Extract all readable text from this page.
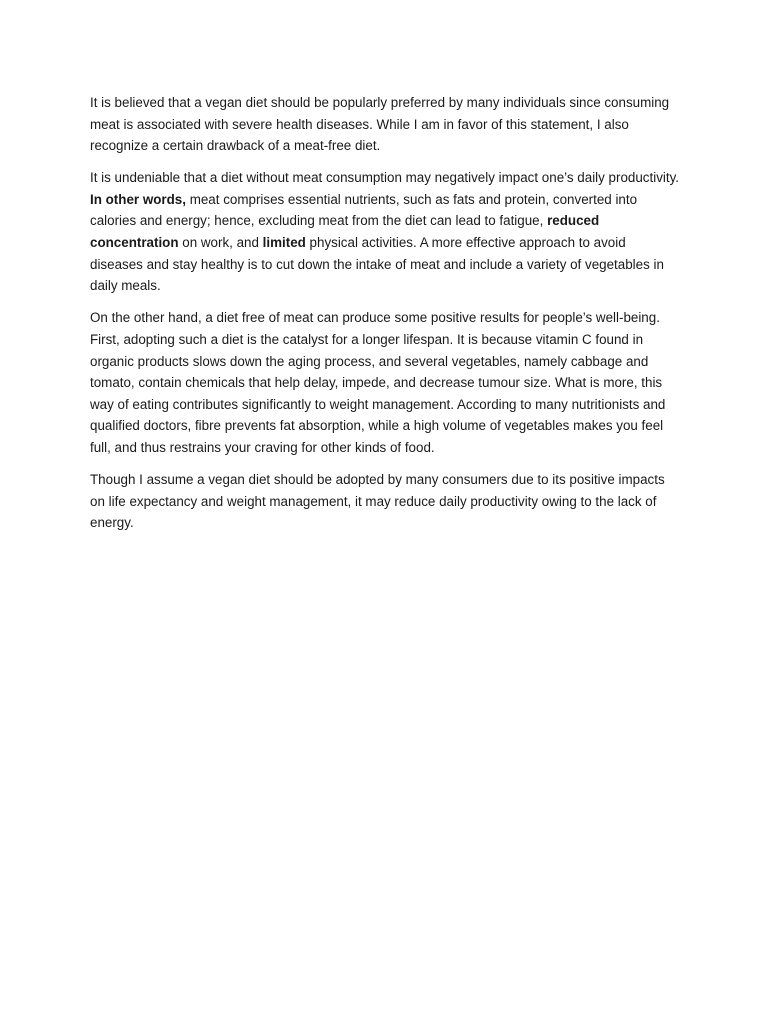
It is believed that a vegan diet should be popularly preferred by many individuals since consuming meat is associated with severe health diseases. While I am in favor of this statement, I also recognize a certain drawback of a meat-free diet.

It is undeniable that a diet without meat consumption may negatively impact one’s daily productivity. In other words, meat comprises essential nutrients, such as fats and protein, converted into calories and energy; hence, excluding meat from the diet can lead to fatigue, reduced concentration on work, and limited physical activities. A more effective approach to avoid diseases and stay healthy is to cut down the intake of meat and include a variety of vegetables in daily meals.

On the other hand, a diet free of meat can produce some positive results for people’s well-being. First, adopting such a diet is the catalyst for a longer lifespan. It is because vitamin C found in organic products slows down the aging process, and several vegetables, namely cabbage and tomato, contain chemicals that help delay, impede, and decrease tumour size. What is more, this way of eating contributes significantly to weight management. According to many nutritionists and qualified doctors, fibre prevents fat absorption, while a high volume of vegetables makes you feel full, and thus restrains your craving for other kinds of food.

Though I assume a vegan diet should be adopted by many consumers due to its positive impacts on life expectancy and weight management, it may reduce daily productivity owing to the lack of energy.
